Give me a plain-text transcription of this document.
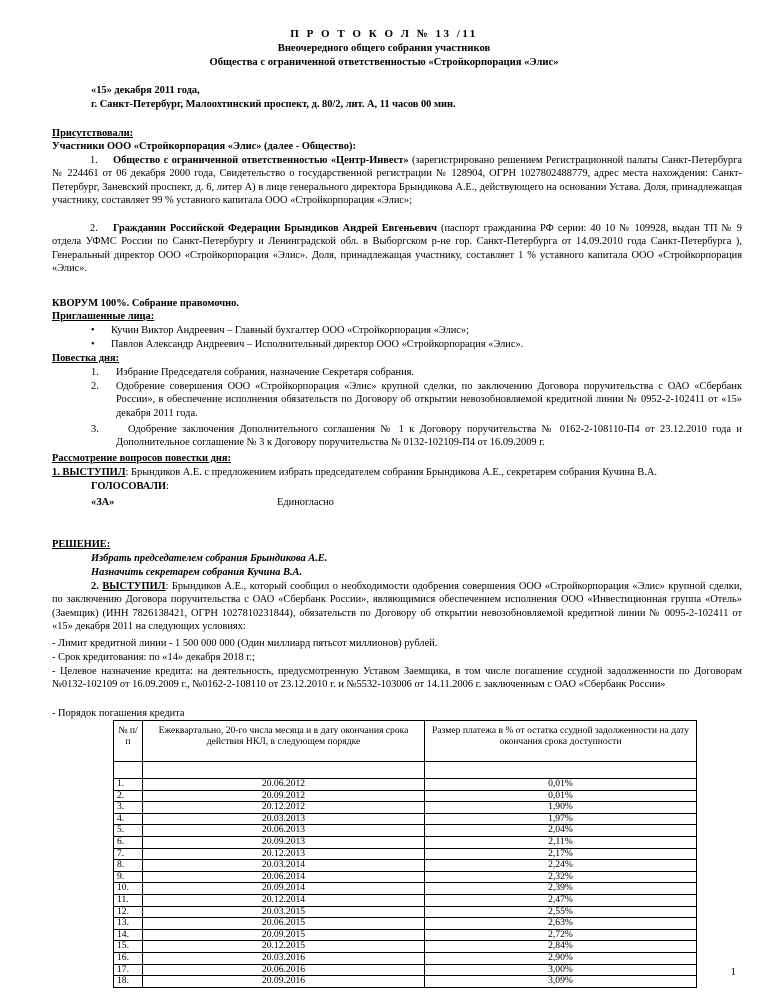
П Р О Т О К О Л № 13 /11
Внеочередного общего собрания участников
Общества с ограниченной ответственностью «Стройкорпорация «Элис»
«15» декабря 2011 года,
г. Санкт-Петербург, Малоохтинский проспект, д. 80/2, лит. А, 11 часов 00 мин.
Присутствовали:
Участники ООО «Стройкорпорация «Элис» (далее - Общество):
1. Общество с ограниченной ответственностью «Центр-Инвест» (зарегистрировано решением Регистрационной палаты Санкт-Петербурга № 224461 от 06 декабря 2000 года, Свидетельство о государственной регистрации № 128904, ОГРН 1027802488779, адрес места нахождения: Санкт-Петербург, Заневский проспект, д. 6, литер А) в лице генерального директора Брындикова А.Е., действующего на основании Устава. Доля, принадлежащая участнику, составляет 99 % уставного капитала ООО «Стройкорпорация «Элис»;
2. Гражданин Российской Федерации Брындиков Андрей Евгеньевич (паспорт гражданина РФ серии: 40 10 № 109928, выдан ТП № 9 отдела УФМС России по Санкт-Петербургу и Ленинградской обл. в Выборгском р-не гор. Санкт-Петербурга от 14.09.2010 года Санкт-Петербурга ), Генеральный директор ООО «Стройкорпорация «Элис». Доля, принадлежащая участнику, составляет 1 % уставного капитала ООО «Стройкорпорация «Элис».
КВОРУМ 100%. Собрание правомочно.
Приглашенные лица:
•	Кучин Виктор Андреевич – Главный бухгалтер ООО «Стройкорпорация «Элис»;
•	Павлов Александр Андреевич – Исполнительный директор ООО «Стройкорпорация «Элис».
Повестка дня:
1. Избрание Председателя собрания, назначение Секретаря собрания.
2. Одобрение совершения ООО «Стройкорпорация «Элис» крупной сделки, по заключению Договора поручительства с ОАО «Сбербанк России», в обеспечение исполнения обязательств по Договору об открытии невозобновляемой кредитной линии № 0952-2-102411 от «15» декабря 2011 года.
3.	Одобрение заключения Дополнительного соглашения № 1 к Договору поручительства № 0162-2-108110-П4 от 23.12.2010 года и Дополнительное соглашение № 3 к Договору поручительства № 0132-102109-П4 от 16.09.2009 г.
Рассмотрение вопросов повестки дня:
1. ВЫСТУПИЛ: Брындиков А.Е. с предложением избрать председателем собрания Брындикова А.Е., секретарем собрания Кучина В.А.
ГОЛОСОВАЛИ:
«ЗА»	Единогласно
РЕШЕНИЕ:
Избрать председателем собрания Брындикова А.Е.
Назначить секретарем собрания Кучина В.А.
2. ВЫСТУПИЛ: Брындиков А.Е., который сообщил о необходимости одобрения совершения ООО «Стройкорпорация «Элис» крупной сделки, по заключению Договора поручительства с ОАО «Сбербанк России», являющимися обеспечением исполнения ООО «Инвестиционная группа «Отель» (Заемщик) (ИНН 7826138421, ОГРН 1027810231844), обязательств по Договору об открытии невозобновляемой кредитной линии № 0095-2-102411 от «15» декабря 2011 на следующих условиях:
- Лимит кредитной линии - 1 500 000 000 (Один миллиард пятьсот миллионов) рублей.
- Срок кредитования: по «14» декабря 2018 г.;
- Целевое назначение кредита: на деятельность, предусмотренную Уставом Заемщика, в том числе погашение ссудной задолженности по Договорам №0132-102109 от 16.09.2009 г., №0162-2-108110 от 23.12.2010 г. и №5532-103006 от 14.11.2006 г. заключенным с ОАО «Сбербанк России»
- Порядок погашения кредита
№ п/п	Ежеквартально, 20-го числа месяца и в дату окончания срока действия НКЛ, в следующем порядке	Размер платежа в % от остатка ссудной задолженности на дату окончания срока доступности

1.	20.06.2012	0,01%
2.	20.09.2012	0,01%
3.	20.12.2012	1,90%
4.	20.03.2013	1,97%
5.	20.06.2013	2,04%
6.	20.09.2013	2,11%
7.	20.12.2013	2,17%
8.	20.03.2014	2,24%
9.	20.06.2014	2,32%
10.	20.09.2014	2,39%
11.	20.12.2014	2,47%
12.	20.03.2015	2,55%
13.	20.06.2015	2,63%
14.	20.09.2015	2,72%
15.	20.12.2015	2,84%
16.	20.03.2016	2,90%
17.	20.06.2016	3,00%
18.	20.09.2016	3,09%
1
